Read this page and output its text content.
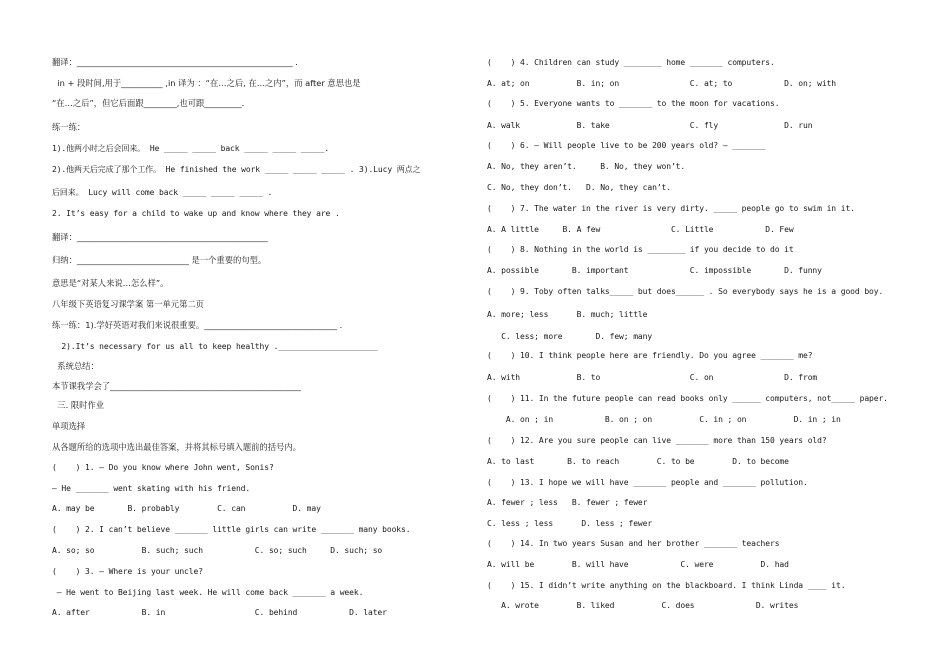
翻译：____________________________________________________ .
in + 段时间,用于__________ ,in 译为 ：“在…之后, 在…之内”，而 after 意思也是
“在…之后”，但它后面跟________,也可跟_________.
练一练：
1).他两小时之后会回来。 He _____ _____ back _____ _____ _____.
2).他两天后完成了那个工作。 He finished the work _____ _____ _____ . 3).Lucy 两点之
后回来。 Lucy will come back _____ _____ _____ .
2. It’s easy for a child to wake up and know where they are .
翻译：______________________________________________
归纳：___________________________ 是一个重要的句型。
意思是“对某人来说…怎么样”。
八年级下英语复习课学案 第一单元第二页
练一练：1).学好英语对我们来说很重要。________________________________ .
2).It’s necessary for us all to keep healthy ._____________________
系统总结：
本节课我学会了______________________________________________
三. 限时作业
单项选择
从各题所给的选项中选出最佳答案，并将其标号填入题前的括号内。
(    ) 1. — Do you know where John went, Sonis?
— He _______ went skating with his friend.
A. may be       B. probably        C. can          D. may
(    ) 2. I can’t believe _______ little girls can write _______ many books.
A. so; so          B. such; such           C. so; such     D. such; so
(    ) 3. — Where is your uncle?
— He went to Beijing last week. He will come back _______ a week.
A. after           B. in                   C. behind           D. later
(    ) 4. Children can study ________ home _______ computers.
A. at; on          B. in; on               C. at; to           D. on; with
(    ) 5. Everyone wants to _______ to the moon for vacations.
A. walk            B. take                 C. fly              D. run
(    ) 6. — Will people live to be 200 years old? — _______
A. No, they aren’t.     B. No, they won’t.
C. No, they don’t.   D. No, they can’t.
(    ) 7. The water in the river is very dirty. _____ people go to swim in it.
A. A little     B. A few               C. Little           D. Few
(    ) 8. Nothing in the world is ________ if you decide to do it
A. possible       B. important             C. impossible       D. funny
(    ) 9. Toby often talks_____ but does______ . So everybody says he is a good boy.
A. more; less      B. much; little
C. less; more       D. few; many
(    ) 10. I think people here are friendly. Do you agree _______ me?
A. with            B. to                   C. on               D. from
(    ) 11. In the future people can read books only ______ computers, not_____ paper.
A. on ; in           B. on ; on          C. in ; on          D. in ; in
(    ) 12. Are you sure people can live _______ more than 150 years old?
A. to last       B. to reach        C. to be        D. to become
(    ) 13. I hope we will have _______ people and _______ pollution.
A. fewer ; less   B. fewer ; fewer
C. less ; less      D. less ; fewer
(    ) 14. In two years Susan and her brother _______ teachers
A. will be        B. will have           C. were          D. had
(    ) 15. I didn’t write anything on the blackboard. I think Linda ____ it.
A. wrote        B. liked          C. does             D. writes
